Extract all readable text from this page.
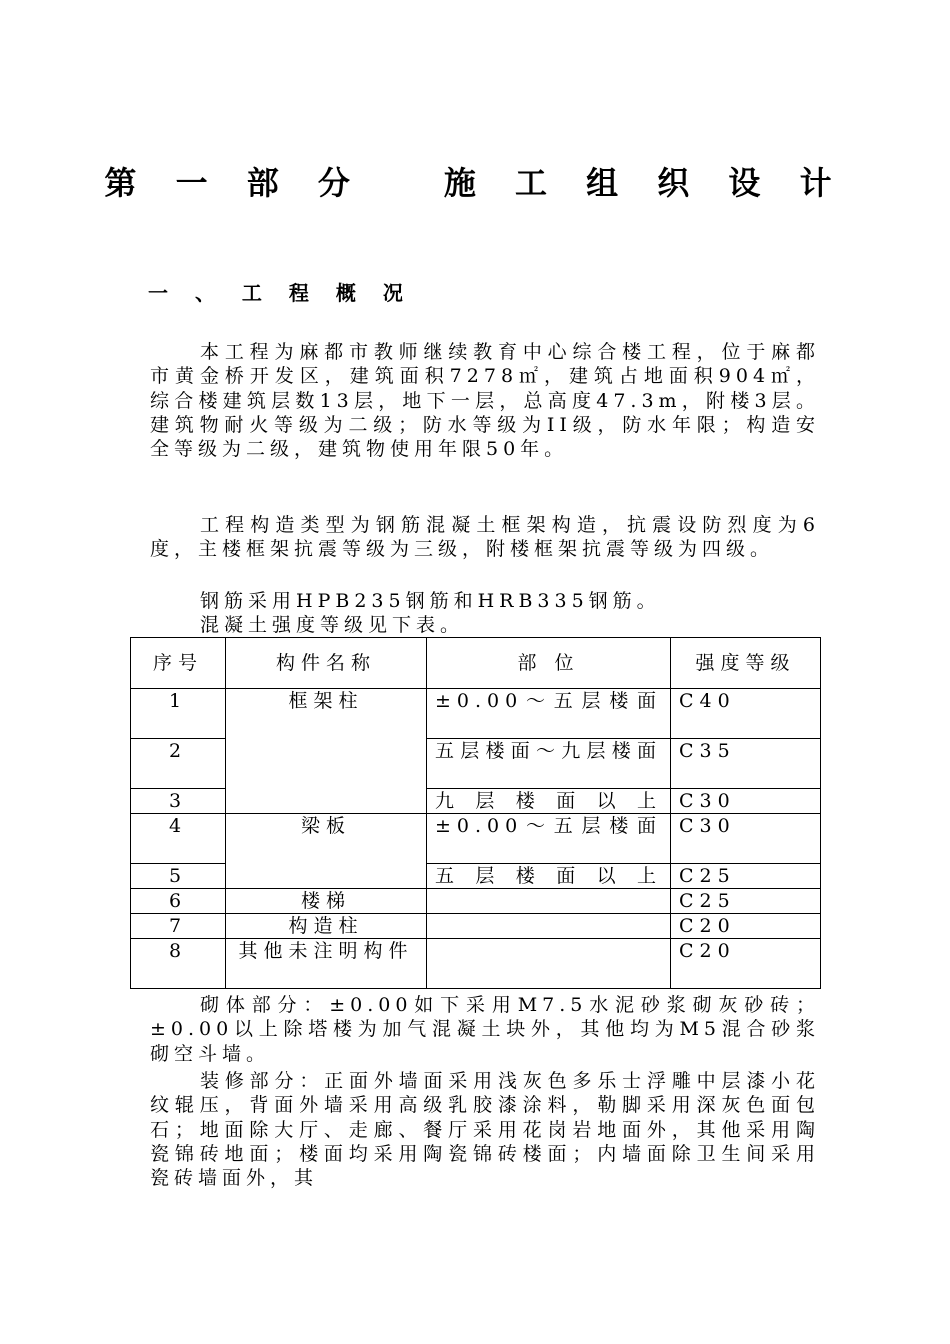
第 一 部 分	施 工 组 织 设 计
一 、 工 程 概 况
本工程为麻都市教师继续教育中心综合楼工程，位于麻都市黄金桥开发区，建筑面积7278㎡，建筑占地面积904㎡，综合楼建筑层数13层，地下一层，总高度47.3m，附楼3层。建筑物耐火等级为二级；防水等级为II级，防水年限；构造安全等级为二级，建筑物使用年限50年。
工程构造类型为钢筋混凝土框架构造，抗震设防烈度为6度，主楼框架抗震等级为三级，附楼框架抗震等级为四级。
钢筋采用HPB235钢筋和HRB335钢筋。
混凝土强度等级见下表。
序号	构件名称	部 位	强度等级
1	框架柱	±0.00～五层楼面	C40
2		五层楼面～九层楼面	C35
3		九层楼面以上	C30
4	梁板	±0.00～五层楼面	C30
5		五层楼面以上	C25
6	楼梯		C25
7	构造柱		C20
8	其他未注明构件		C20
砌体部分：±0.00如下采用M7.5水泥砂浆砌灰砂砖；±0.00以上除塔楼为加气混凝土块外，其他均为M5混合砂浆砌空斗墙。
装修部分：正面外墙面采用浅灰色多乐士浮雕中层漆小花纹辊压，背面外墙采用高级乳胶漆涂料，勒脚采用深灰色面包石；地面除大厅、走廊、餐厅采用花岗岩地面外，其他采用陶瓷锦砖地面；楼面均采用陶瓷锦砖楼面；内墙面除卫生间采用瓷砖墙面外，其
